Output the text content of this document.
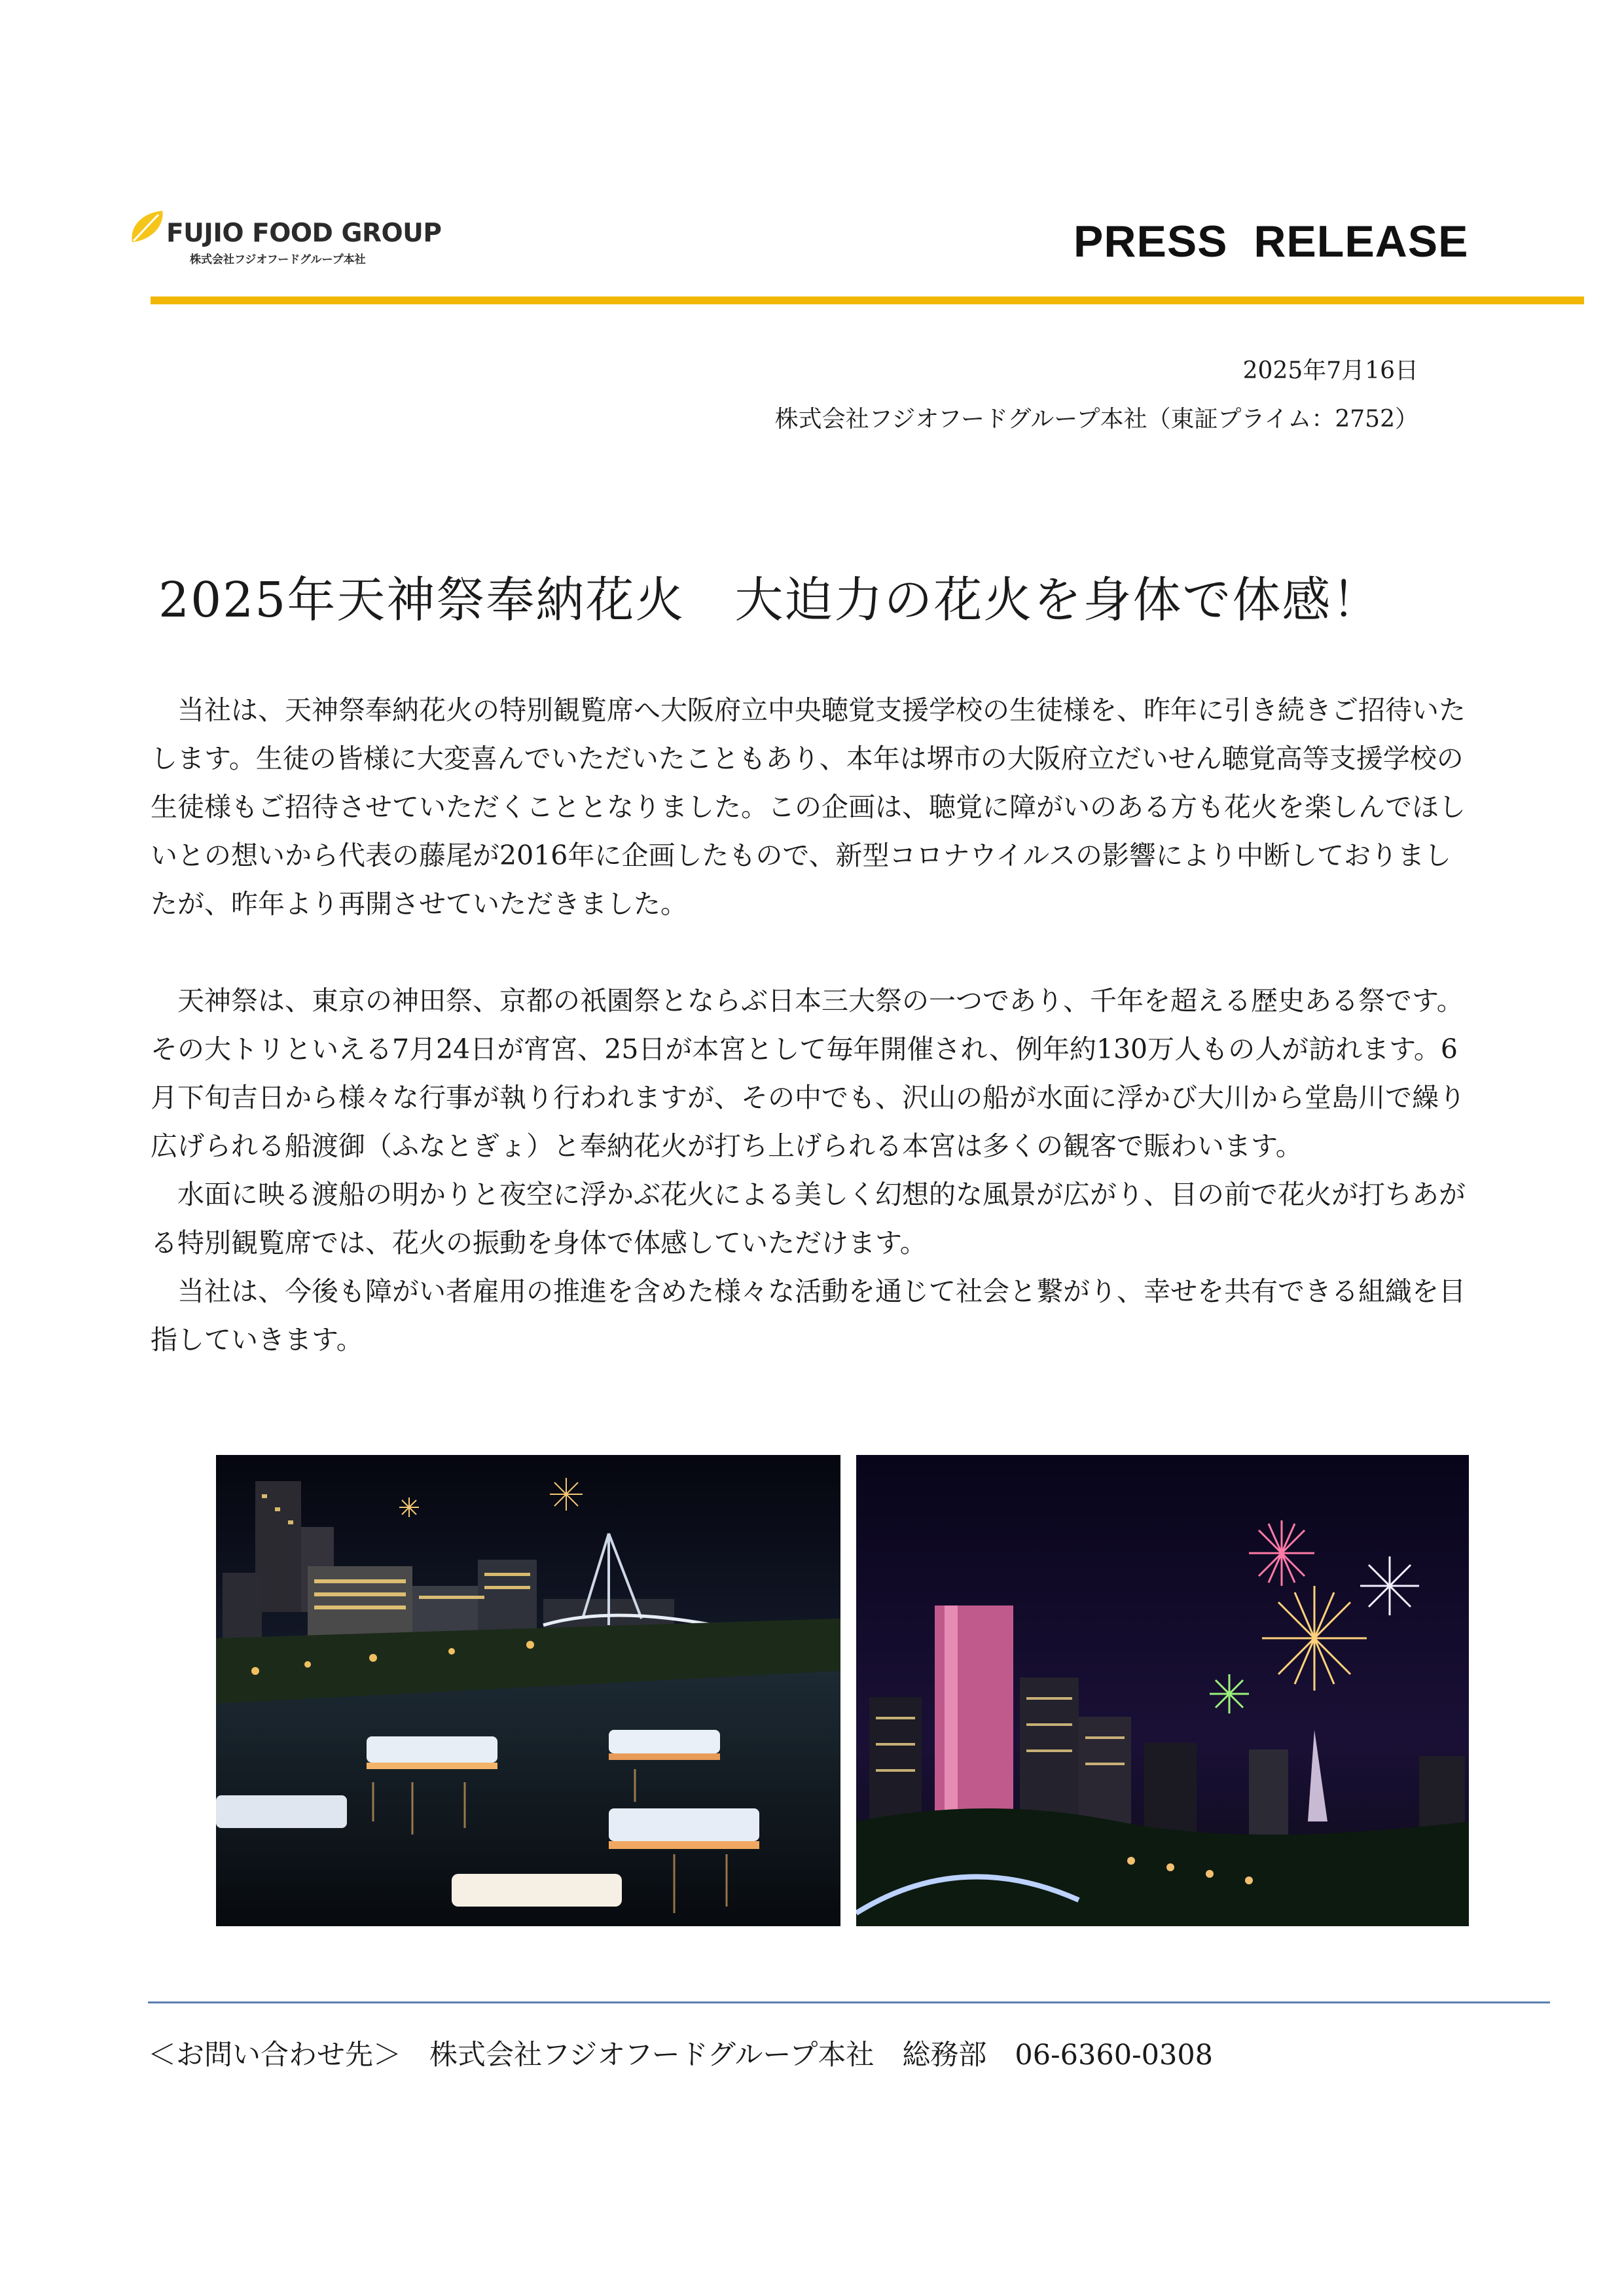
FUJIO FOOD GROUP
株式会社フジオフードグループ本社	PRESS  RELEASE
2025年7月16日
株式会社フジオフードグループ本社（東証プライム：2752）
2025年天神祭奉納花火　大迫力の花火を身体で体感！

当社は、天神祭奉納花火の特別観覧席へ大阪府立中央聴覚支援学校の生徒様を、昨年に引き続きご招待いたします。生徒の皆様に大変喜んでいただいたこともあり、本年は堺市の大阪府立だいせん聴覚高等支援学校の生徒様もご招待させていただくこととなりました。この企画は、聴覚に障がいのある方も花火を楽しんでほしいとの想いから代表の藤尾が2016年に企画したもので、新型コロナウイルスの影響により中断しておりましたが、昨年より再開させていただきました。

天神祭は、東京の神田祭、京都の祇園祭とならぶ日本三大祭の一つであり、千年を超える歴史ある祭です。その大トリといえる7月24日が宵宮、25日が本宮として毎年開催され、例年約130万人もの人が訪れます。6月下旬吉日から様々な行事が執り行われますが、その中でも、沢山の船が水面に浮かび大川から堂島川で繰り広げられる船渡御（ふなとぎょ）と奉納花火が打ち上げられる本宮は多くの観客で賑わいます。

水面に映る渡船の明かりと夜空に浮かぶ花火による美しく幻想的な風景が広がり、目の前で花火が打ちあがる特別観覧席では、花火の振動を身体で体感していただけます。

当社は、今後も障がい者雇用の推進を含めた様々な活動を通じて社会と繋がり、幸せを共有できる組織を目指していきます。

＜お問い合わせ先＞　株式会社フジオフードグループ本社　総務部　06-6360-0308
